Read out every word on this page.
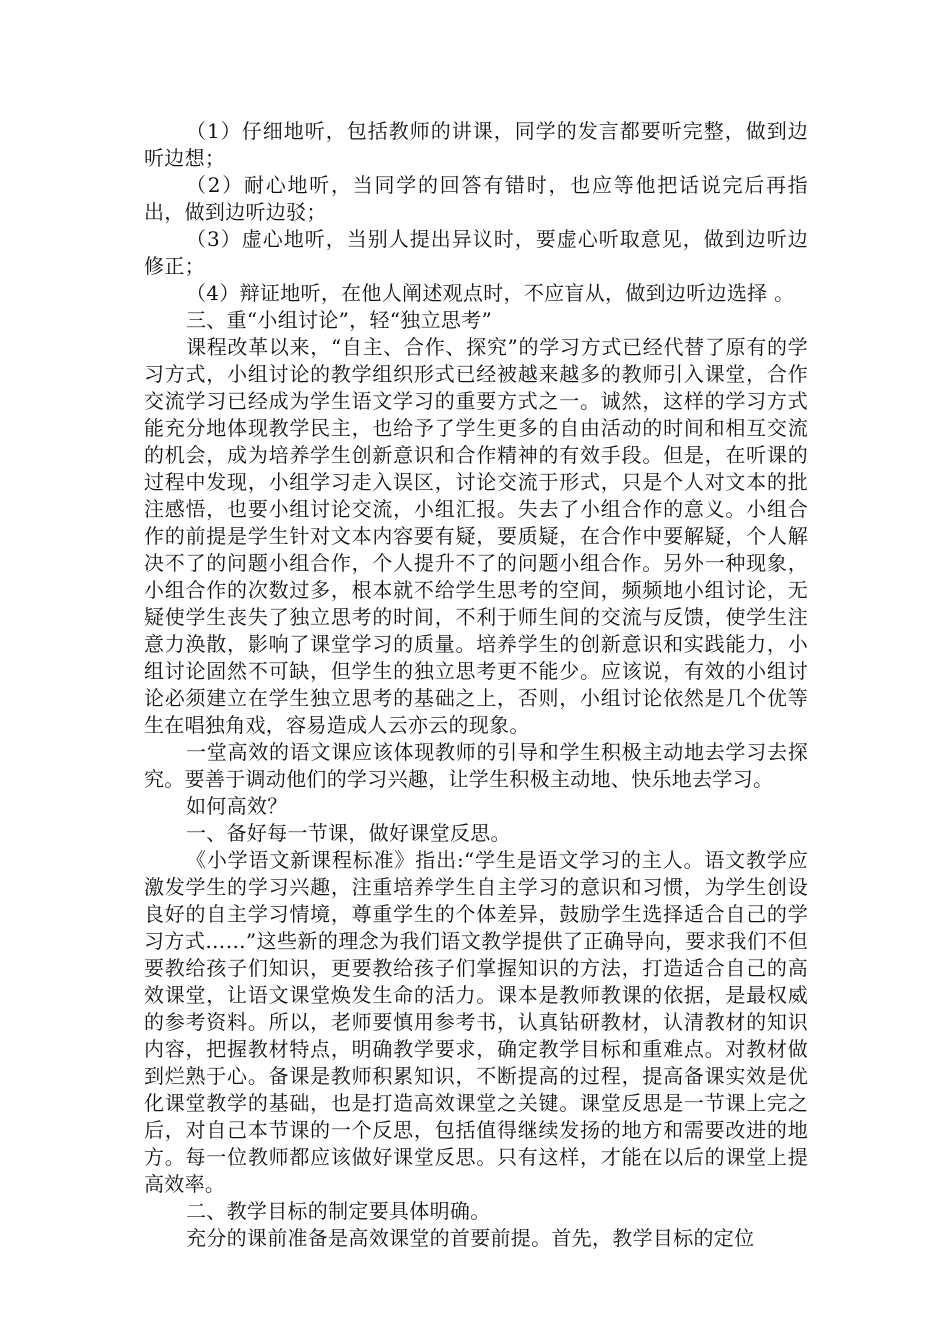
（1）仔细地听，包括教师的讲课，同学的发言都要听完整，做到边听边想；

（2）耐心地听，当同学的回答有错时，也应等他把话说完后再指出，做到边听边驳；

（3）虚心地听，当别人提出异议时，要虚心听取意见，做到边听边修正；

（4）辩证地听，在他人阐述观点时，不应盲从，做到边听边选择 。

三、重“小组讨论”，轻“独立思考”

课程改革以来，“自主、合作、探究”的学习方式已经代替了原有的学习方式，小组讨论的教学组织形式已经被越来越多的教师引入课堂，合作交流学习已经成为学生语文学习的重要方式之一。诚然，这样的学习方式能充分地体现教学民主，也给予了学生更多的自由活动的时间和相互交流的机会，成为培养学生创新意识和合作精神的有效手段。但是，在听课的过程中发现，小组学习走入误区，讨论交流于形式，只是个人对文本的批注感悟，也要小组讨论交流，小组汇报。失去了小组合作的意义。小组合作的前提是学生针对文本内容要有疑，要质疑，在合作中要解疑，个人解决不了的问题小组合作，个人提升不了的问题小组合作。另外一种现象，小组合作的次数过多，根本就不给学生思考的空间，频频地小组讨论，无疑使学生丧失了独立思考的时间，不利于师生间的交流与反馈，使学生注意力涣散，影响了课堂学习的质量。培养学生的创新意识和实践能力，小组讨论固然不可缺，但学生的独立思考更不能少。应该说，有效的小组讨论必须建立在学生独立思考的基础之上，否则，小组讨论依然是几个优等生在唱独角戏，容易造成人云亦云的现象。

一堂高效的语文课应该体现教师的引导和学生积极主动地去学习去探究。要善于调动他们的学习兴趣，让学生积极主动地、快乐地去学习。

如何高效？

一、备好每一节课，做好课堂反思。

《小学语文新课程标准》指出:“学生是语文学习的主人。语文教学应激发学生的学习兴趣，注重培养学生自主学习的意识和习惯，为学生创设良好的自主学习情境，尊重学生的个体差异，鼓励学生选择适合自己的学习方式……”这些新的理念为我们语文教学提供了正确导向，要求我们不但要教给孩子们知识，更要教给孩子们掌握知识的方法，打造适合自己的高效课堂，让语文课堂焕发生命的活力。课本是教师教课的依据，是最权威的参考资料。所以，老师要慎用参考书，认真钻研教材，认清教材的知识内容，把握教材特点，明确教学要求，确定教学目标和重难点。对教材做到烂熟于心。备课是教师积累知识，不断提高的过程，提高备课实效是优化课堂教学的基础，也是打造高效课堂之关键。课堂反思是一节课上完之后，对自己本节课的一个反思，包括值得继续发扬的地方和需要改进的地方。每一位教师都应该做好课堂反思。只有这样，才能在以后的课堂上提高效率。

二、教学目标的制定要具体明确。

充分的课前准备是高效课堂的首要前提。首先，教学目标的定位
